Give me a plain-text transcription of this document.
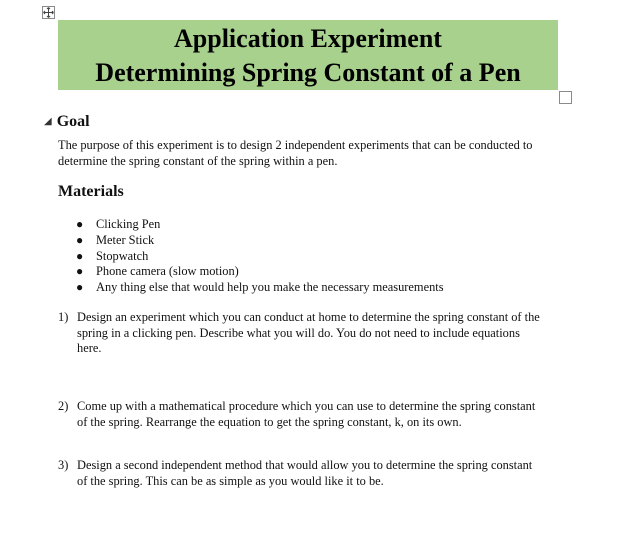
Application Experiment
Determining Spring Constant of a Pen
◢ Goal
The purpose of this experiment is to design 2 independent experiments that can be conducted to
determine the spring constant of the spring within a pen.
Materials
● Clicking Pen
● Meter Stick
● Stopwatch
● Phone camera (slow motion)
● Any thing else that would help you make the necessary measurements
1) Design an experiment which you can conduct at home to determine the spring constant of the
spring in a clicking pen. Describe what you will do. You do not need to include equations
here.
2) Come up with a mathematical procedure which you can use to determine the spring constant
of the spring. Rearrange the equation to get the spring constant, k, on its own.
3) Design a second independent method that would allow you to determine the spring constant
of the spring. This can be as simple as you would like it to be.
